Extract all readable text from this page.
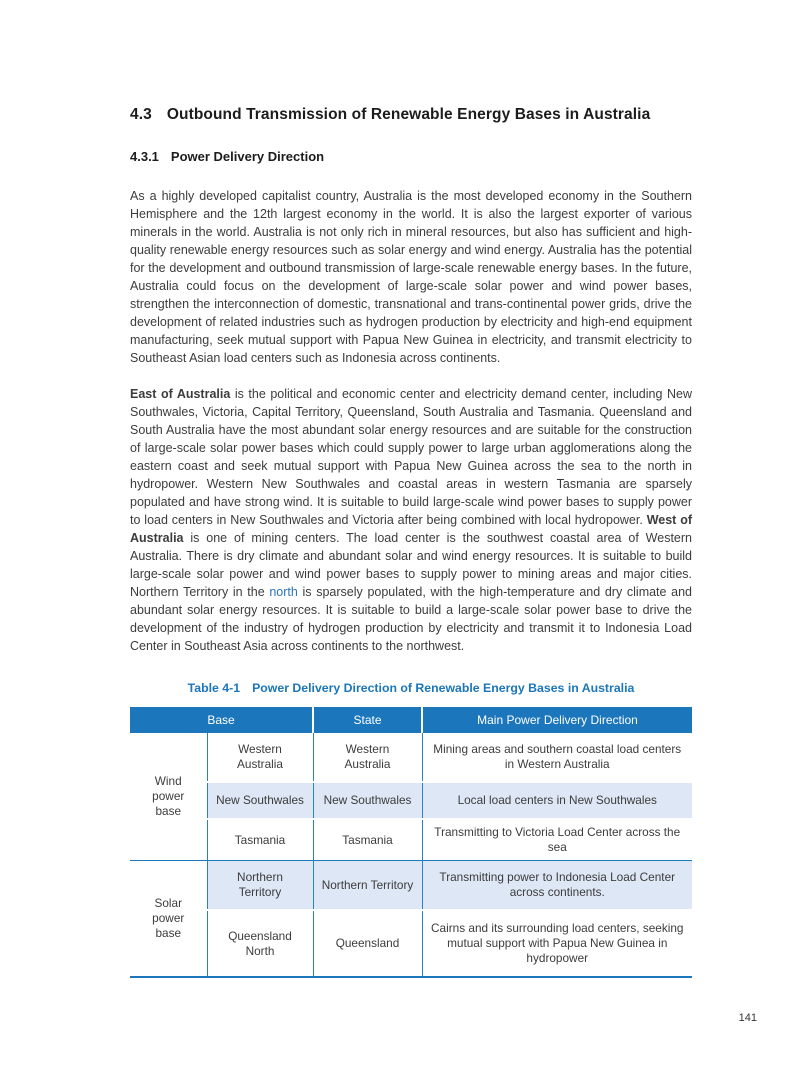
4.3 Outbound Transmission of Renewable Energy Bases in Australia
4.3.1 Power Delivery Direction

As a highly developed capitalist country, Australia is the most developed economy in the Southern Hemisphere and the 12th largest economy in the world. It is also the largest exporter of various minerals in the world. Australia is not only rich in mineral resources, but also has sufficient and high-quality renewable energy resources such as solar energy and wind energy. Australia has the potential for the development and outbound transmission of large-scale renewable energy bases. In the future, Australia could focus on the development of large-scale solar power and wind power bases, strengthen the interconnection of domestic, transnational and trans-continental power grids, drive the development of related industries such as hydrogen production by electricity and high-end equipment manufacturing, seek mutual support with Papua New Guinea in electricity, and transmit electricity to Southeast Asian load centers such as Indonesia across continents.

East of Australia is the political and economic center and electricity demand center, including New Southwales, Victoria, Capital Territory, Queensland, South Australia and Tasmania. Queensland and South Australia have the most abundant solar energy resources and are suitable for the construction of large-scale solar power bases which could supply power to large urban agglomerations along the eastern coast and seek mutual support with Papua New Guinea across the sea to the north in hydropower. Western New Southwales and coastal areas in western Tasmania are sparsely populated and have strong wind. It is suitable to build large-scale wind power bases to supply power to load centers in New Southwales and Victoria after being combined with local hydropower. West of Australia is one of mining centers. The load center is the southwest coastal area of Western Australia. There is dry climate and abundant solar and wind energy resources. It is suitable to build large-scale solar power and wind power bases to supply power to mining areas and major cities. Northern Territory in the north is sparsely populated, with the high-temperature and dry climate and abundant solar energy resources. It is suitable to build a large-scale solar power base to drive the development of the industry of hydrogen production by electricity and transmit it to Indonesia Load Center in Southeast Asia across continents to the northwest.

Table 4-1 Power Delivery Direction of Renewable Energy Bases in Australia
Base		State	Main Power Delivery Direction
Wind power base	Western Australia	Western Australia	Mining areas and southern coastal load centers in Western Australia
	New Southwales	New Southwales	Local load centers in New Southwales
	Tasmania	Tasmania	Transmitting to Victoria Load Center across the sea
Solar power base	Northern Territory	Northern Territory	Transmitting power to Indonesia Load Center across continents.
	Queensland North	Queensland	Cairns and its surrounding load centers, seeking mutual support with Papua New Guinea in hydropower
141
